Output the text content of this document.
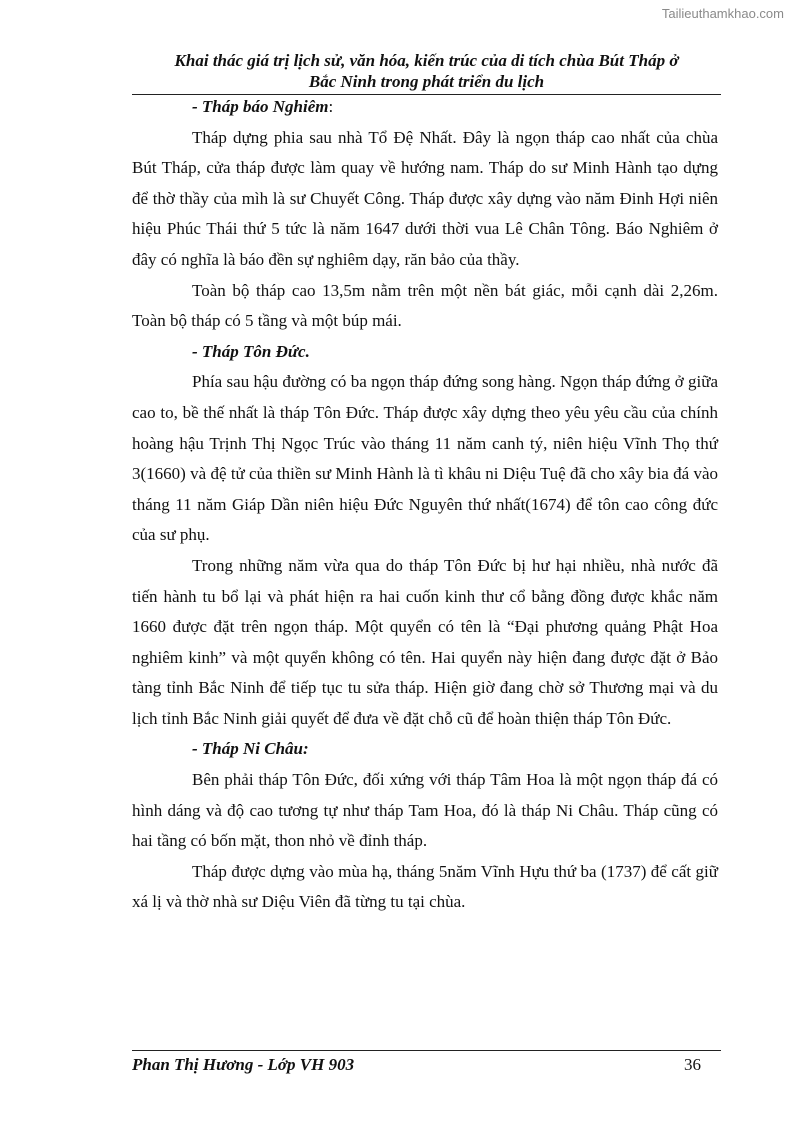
Tailieuthamkhao.com
Khai thác giá trị lịch sử, văn hóa, kiến trúc của di tích chùa Bút Tháp ở
Bắc Ninh trong phát triển du lịch

- Tháp báo Nghiêm:

Tháp dựng phia sau nhà Tổ Đệ Nhất. Đây là ngọn tháp cao nhất của chùa Bút Tháp, cửa tháp được làm quay về hướng nam. Tháp do sư Minh Hành tạo dựng để thờ thầy của mìh là sư Chuyết Công. Tháp được xây dựng vào năm Đinh Hợi niên hiệu Phúc Thái thứ 5 tức là năm 1647 dưới thời vua Lê Chân Tông. Báo Nghiêm ở đây có nghĩa là báo đền sự nghiêm dạy, răn bảo của thầy.

Toàn bộ tháp cao 13,5m nằm trên một nền bát giác, mỗi cạnh dài 2,26m. Toàn bộ tháp có 5 tầng và một búp mái.

- Tháp Tôn Đức.

Phía sau hậu đường có ba ngọn tháp đứng song hàng. Ngọn tháp đứng ở giữa cao to, bề thế nhất là tháp Tôn Đức. Tháp được xây dựng theo yêu yêu cầu của chính hoàng hậu Trịnh Thị Ngọc Trúc vào tháng 11 năm canh tý, niên hiệu Vĩnh Thọ thứ 3(1660) và đệ tử của thiền sư Minh Hành là tì khâu ni Diệu Tuệ đã cho xây bia đá vào tháng 11 năm Giáp Dần niên hiệu Đức Nguyên thứ nhất(1674) để tôn cao công đức của sư phụ.

Trong những năm vừa qua do tháp Tôn Đức bị hư hại nhiều, nhà nước đã tiến hành tu bổ lại và phát hiện ra hai cuốn kinh thư cổ bằng đồng được khắc năm 1660 được đặt trên ngọn tháp. Một quyển có tên là “Đại phương quảng Phật Hoa nghiêm kinh” và một quyển không có tên. Hai quyển này hiện đang được đặt ở Bảo tàng tỉnh Bắc Ninh để tiếp tục tu sửa tháp. Hiện giờ đang chờ sở Thương mại và du lịch tỉnh Bắc Ninh giải quyết để đưa về đặt chỗ cũ để hoàn thiện tháp Tôn Đức.

- Tháp Ni Châu:

Bên phải tháp Tôn Đức, đối xứng với tháp Tâm Hoa là một ngọn tháp đá có hình dáng và độ cao tương tự như tháp Tam Hoa, đó là tháp Ni Châu. Tháp cũng có hai tầng có bốn mặt, thon nhỏ về đỉnh tháp.

Tháp được dựng vào mùa hạ, tháng 5năm Vĩnh Hựu thứ ba (1737) để cất giữ xá lị và thờ nhà sư Diệu Viên đã từng tu tại chùa.

Phan Thị Hương - Lớp VH 903	36
